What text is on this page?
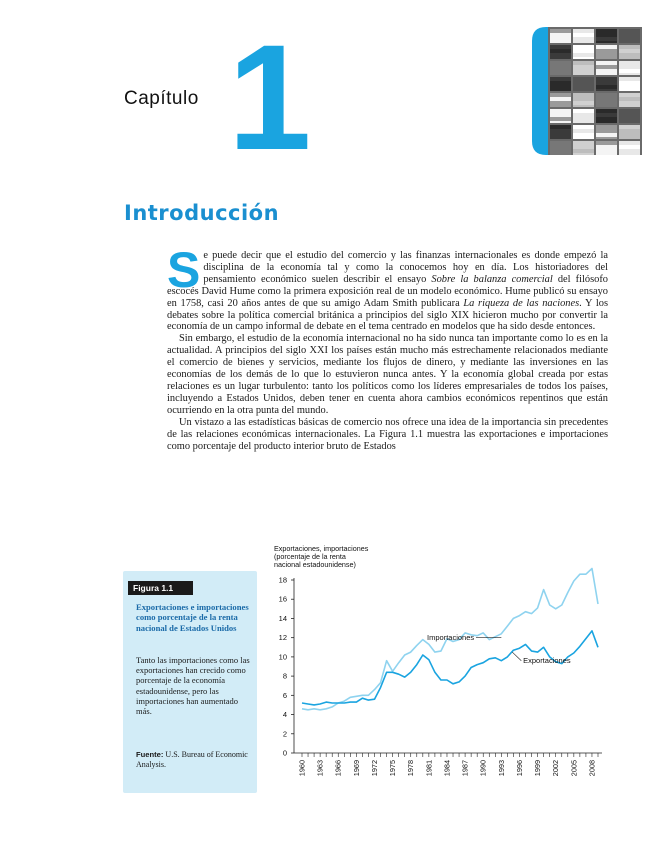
Capítulo 1
Introducción

Se puede decir que el estudio del comercio y las finanzas internacionales es donde empezó la disciplina de la economía tal y como la conocemos hoy en día. Los historiadores del pensamiento económico suelen describir el ensayo Sobre la balanza comercial del filósofo escocés David Hume como la primera exposición real de un modelo económico. Hume publicó su ensayo en 1758, casi 20 años antes de que su amigo Adam Smith publicara La riqueza de las naciones. Y los debates sobre la política comercial británica a principios del siglo XIX hicieron mucho por convertir la economía de un campo informal de debate en el tema centrado en modelos que ha sido desde entonces.

Sin embargo, el estudio de la economía internacional no ha sido nunca tan importante como lo es en la actualidad. A principios del siglo XXI los países están mucho más estrechamente relacionados mediante el comercio de bienes y servicios, mediante los flujos de dinero, y mediante las inversiones en las economías de los demás de lo que lo estuvieron nunca antes. Y la economía global creada por estas relaciones es un lugar turbulento: tanto los políticos como los líderes empresariales de todos los países, incluyendo a Estados Unidos, deben tener en cuenta ahora cambios económicos repentinos que están ocurriendo en la otra punta del mundo.

Un vistazo a las estadísticas básicas de comercio nos ofrece una idea de la importancia sin precedentes de las relaciones económicas internacionales. La Figura 1.1 muestra las exportaciones e importaciones como porcentaje del producto interior bruto de Estados

Figura 1.1
Exportaciones e importaciones como porcentaje de la renta nacional de Estados Unidos
Tanto las importaciones como las exportaciones han crecido como porcentaje de la economía estadounidense, pero las importaciones han aumentado más.
Fuente: U.S. Bureau of Economic Analysis.
Exportaciones, importaciones
(porcentaje de la renta
nacional estadounidense)
0
2
4
6
8
10
12
14
16
18
1960 1963 1966 1969 1972 1975 1978 1981 1984 1987 1990 1993 1996 1999 2002 2005 2008
Importaciones
Exportaciones
